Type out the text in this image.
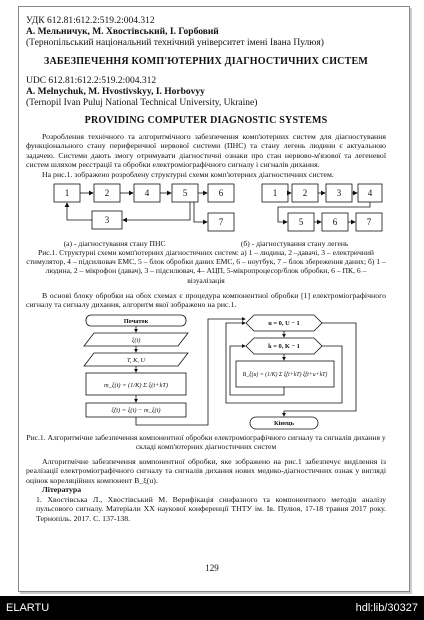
УДК 612.81:612.2:519.2:004.312
А. Мельничук, М. Хвостівський, І. Горбовий
(Тернопільський національний технічний університет імені Івана Пулюя)
ЗАБЕЗПЕЧЕННЯ КОМП'ЮТЕРНИХ ДІАГНОСТИЧНИХ СИСТЕМ
UDC 612.81:612.2:519.2:004.312
A. Melnychuk, M. Hvostivskyy, I. Horbovyy
(Ternopil Ivan Puluj National Technical University, Ukraine)
PROVIDING COMPUTER DIAGNOSTIC SYSTEMS
Розроблення технічного та алгоритмічного забезпечення комп'ютерних систем для діагностування функціонального стану периферичної нервової системи (ПНС) та стану легень людини є актуальною задачею. Системи дають змогу отримувати діагностичні ознаки про стан нервово-м'язової та легеневої систем шляхом реєстрації та обробки електроміографічного сигналу і сигналів дихання.
На рис.1. зображено розроблену структурні схеми комп'ютерних діагностичних систем.
1	2	4	5	6
3	7
1	2	3	4
5	6	7
(а) - діагностування стану ПНС	(б) - діагностування стану легень
Рис.1. Структурні схеми комп'ютерних діагностичних систем: а) 1 – людина, 2 –давачі, 3 – електричний стимулятор, 4 – підсилювач ЕМС, 5 – блок обробки даних ЕМС, 6 – ноутбук, 7 – блок збереження даних; б) 1 – людина, 2 – мікрофон (давач), 3 – підсилювач, 4– АЦП, 5-мікропроцесор/блок обробки, 6 – ПК, 6 – візуалізація
В основі блоку обробки на обох схемах є процедура компонентної обробки [1] електроміографічного сигналу та сигналу дихання, алгоритм якої зображено на рис.1.
Початок
ξ(t)
T, K, U
m_ξ(t) = (1/K) Σ ξ(t+kT)
ξ̊(t) = ξ(t) − m_ξ(t)
u = 0, U − 1
k = 0, K − 1
B_ξ(u) = (1/K) Σ ξ̊(t+kT) ξ̊(t+u+kT)
Кінець
Рис.1. Алгоритмічне забезпечення компонентної обробки електроміографічного сигналу та сигналів дихання у складі комп'ютерних діагностичних систем
Алгоритмічне забезпечення компонентної обробки, яке зображено на рис.1 забезпечує виділення із реалізації електроміографічного сигналу та сигналів дихання нових медико-діагностичних ознак у вигляді оцінок кореляційних компонент B_ξ(u).
Література
1. Хвостівська Л., Хвостівський М. Верифікація синфазного та компонентного методів аналізу пульсового сигналу. Матеріали ХХ наукової конференції ТНТУ ім. Ів. Пулюя, 17-18 травня 2017 року. Тернопіль. 2017. С. 137-138.
129
ELARTU	hdl:lib/30327
